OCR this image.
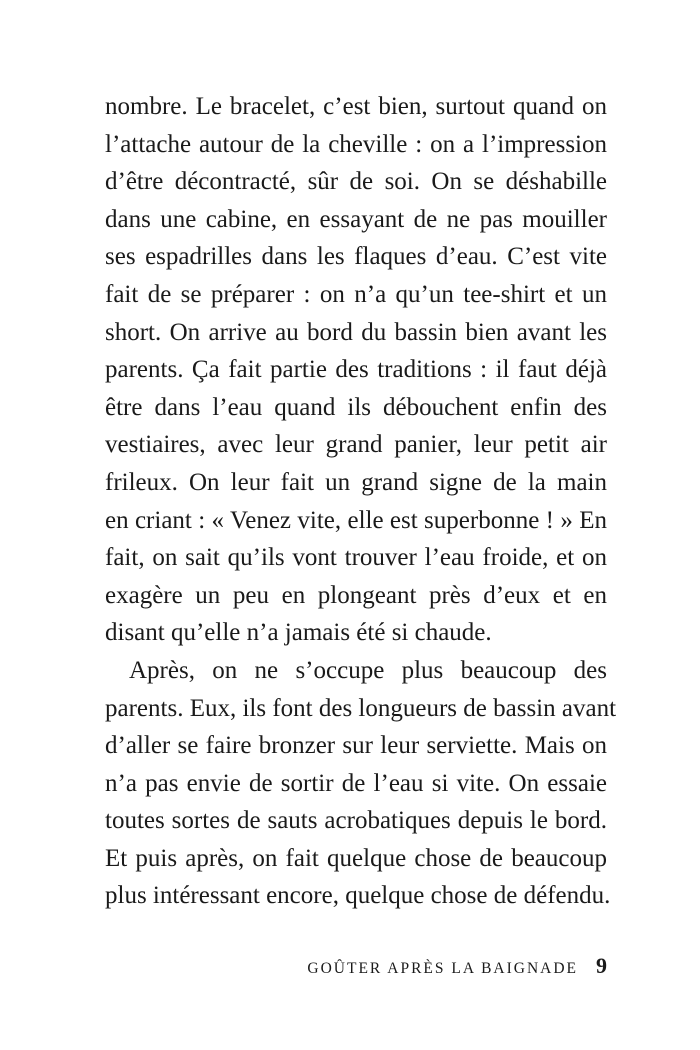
nombre. Le bracelet, c’est bien, surtout quand on
l’attache autour de la cheville : on a l’impression
d’être décontracté, sûr de soi. On se déshabille
dans une cabine, en essayant de ne pas mouiller
ses espadrilles dans les flaques d’eau. C’est vite
fait de se préparer : on n’a qu’un tee-shirt et un
short. On arrive au bord du bassin bien avant les
parents. Ça fait partie des traditions : il faut déjà
être dans l’eau quand ils débouchent enfin des
vestiaires, avec leur grand panier, leur petit air
frileux. On leur fait un grand signe de la main
en criant : « Venez vite, elle est superbonne ! » En
fait, on sait qu’ils vont trouver l’eau froide, et on
exagère un peu en plongeant près d’eux et en
disant qu’elle n’a jamais été si chaude.
Après, on ne s’occupe plus beaucoup des
parents. Eux, ils font des longueurs de bassin avant
d’aller se faire bronzer sur leur serviette. Mais on
n’a pas envie de sortir de l’eau si vite. On essaie
toutes sortes de sauts acrobatiques depuis le bord.
Et puis après, on fait quelque chose de beaucoup
plus intéressant encore, quelque chose de défendu.
GOÛTER APRÈS LA BAIGNADE 9
